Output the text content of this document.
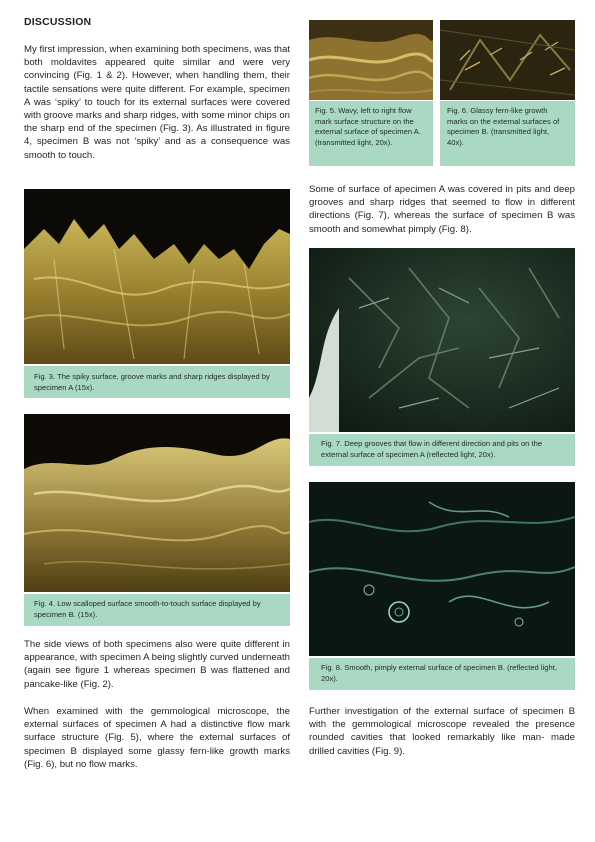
DISCUSSION
My first impression, when examining both specimens, was that both moldavites appeared quite similar and were very convincing (Fig. 1 & 2). However, when handling them, their tactile sensations were quite different. For example, specimen A was ‘spiky’ to touch for its external surfaces were covered with groove marks and sharp ridges, with some minor chips on the sharp end of the specimen (Fig. 3). As illustrated in figure 4, specimen B was not ‘spiky’ and as a consequence was smooth to touch.
Fig. 3. The spiky surface, groove marks and sharp ridges displayed by specimen A (15x).
Fig. 4. Low scalloped surface smooth-to-touch surface displayed by specimen B. (15x).
The side views of both specimens also were quite different in appearance, with specimen A being slightly curved underneath (again see figure 1 whereas specimen B was flattened and pancake-like (Fig. 2).
When examined with the gemmological microscope, the external surfaces of specimen A had a distinctive flow mark surface structure (Fig. 5), where the external surfaces of specimen B displayed some glassy fern-like growth marks (Fig. 6), but no flow marks.
Fig. 5. Wavy, left to right flow mark surface structure on the external surface of specimen A. (transmitted light, 20x).
Fig. 6. Glassy fern-like growth marks on the external surfaces of specimen B. (transmitted light, 40x).
Some of surface of apecimen A was covered in pits and deep grooves and sharp ridges that seemed to flow in different directions (Fig. 7), whereas the surface of specimen B was smooth and somewhat pimply (Fig. 8).
Fig. 7. Deep grooves that flow in different direction and pits on the external surface of specimen A (reflected light, 20x).
Fig. 8. Smooth, pimply external surface of specimen B. (reflected light, 20x).
Further investigation of the external surface of specimen B with the gemmological microscope revealed the presence rounded cavities that looked remarkably like man- made drilled cavities (Fig. 9).
